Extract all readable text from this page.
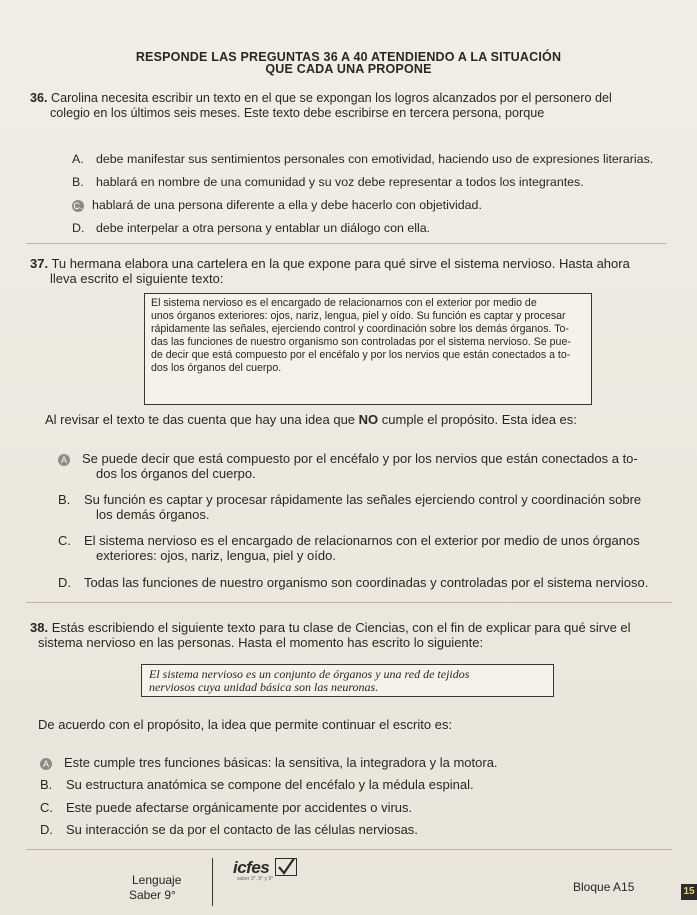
RESPONDE LAS PREGUNTAS 36 A 40 ATENDIENDO A LA SITUACIÓN
QUE CADA UNA PROPONE
36. Carolina necesita escribir un texto en el que se expongan los logros alcanzados por el personero del
colegio en los últimos seis meses. Este texto debe escribirse en tercera persona, porque
A. debe manifestar sus sentimientos personales con emotividad, haciendo uso de expresiones literarias.
B. hablará en nombre de una comunidad y su voz debe representar a todos los integrantes.
C. hablará de una persona diferente a ella y debe hacerlo con objetividad.
D. debe interpelar a otra persona y entablar un diálogo con ella.
37. Tu hermana elabora una cartelera en la que expone para qué sirve el sistema nervioso. Hasta ahora
lleva escrito el siguiente texto:
El sistema nervioso es el encargado de relacionarnos con el exterior por medio de
unos órganos exteriores: ojos, nariz, lengua, piel y oído. Su función es captar y procesar
rápidamente las señales, ejerciendo control y coordinación sobre los demás órganos. To-
das las funciones de nuestro organismo son controladas por el sistema nervioso. Se pue-
de decir que está compuesto por el encéfalo y por los nervios que están conectados a to-
dos los órganos del cuerpo.
Al revisar el texto te das cuenta que hay una idea que NO cumple el propósito. Esta idea es:
A Se puede decir que está compuesto por el encéfalo y por los nervios que están conectados a to-
dos los órganos del cuerpo.
B. Su función es captar y procesar rápidamente las señales ejerciendo control y coordinación sobre
los demás órganos.
C. El sistema nervioso es el encargado de relacionarnos con el exterior por medio de unos órganos
exteriores: ojos, nariz, lengua, piel y oído.
D. Todas las funciones de nuestro organismo son coordinadas y controladas por el sistema nervioso.
38. Estás escribiendo el siguiente texto para tu clase de Ciencias, con el fin de explicar para qué sirve el
sistema nervioso en las personas. Hasta el momento has escrito lo siguiente:
El sistema nervioso es un conjunto de órganos y una red de tejidos
nerviosos cuya unidad básica son las neuronas.
De acuerdo con el propósito, la idea que permite continuar el escrito es:
A Este cumple tres funciones básicas: la sensitiva, la integradora y la motora.
B. Su estructura anatómica se compone del encéfalo y la médula espinal.
C. Este puede afectarse orgánicamente por accidentes o virus.
D. Su interacción se da por el contacto de las células nerviosas.
Lenguaje
Saber 9°
icfes
saber 3°, 5° y 9°
Bloque A15	15
